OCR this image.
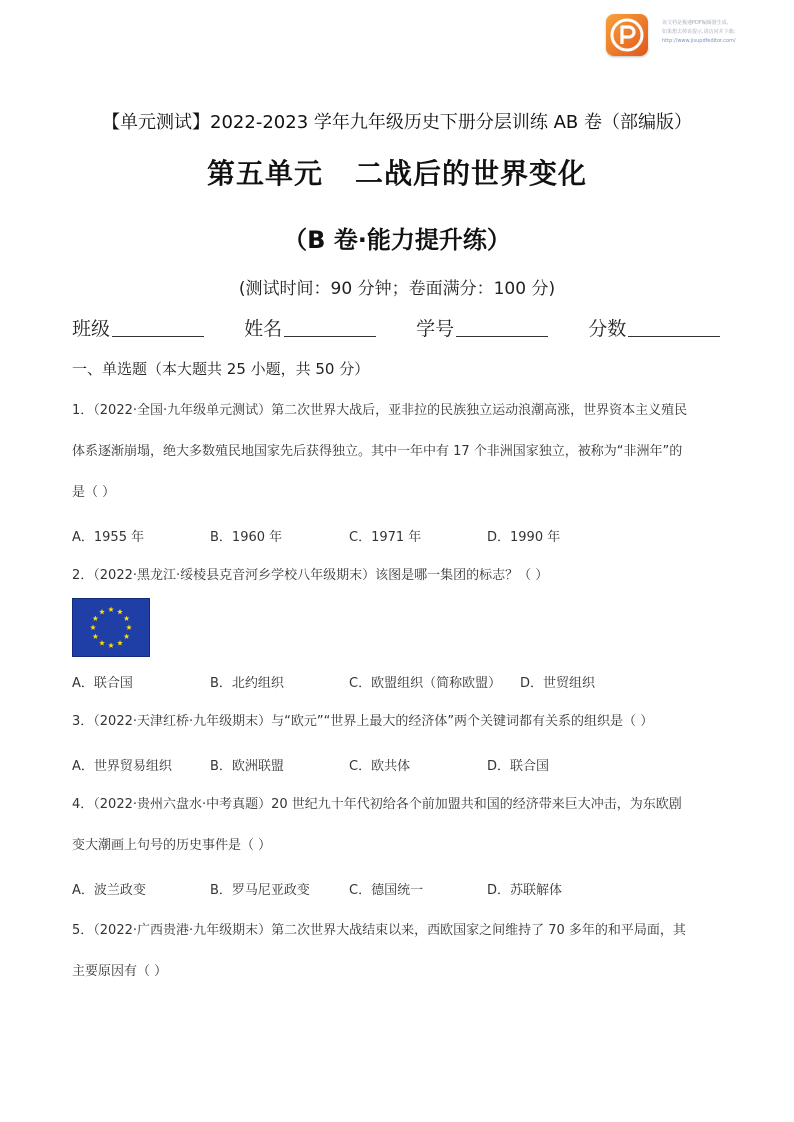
该文档是极速PDF编辑器生成,
如果想去掉该提示,请访问并下载:
http://www.jisupdfeditor.com/
【单元测试】2022-2023 学年九年级历史下册分层训练 AB 卷（部编版）
第五单元 二战后的世界变化
（B 卷·能力提升练）
(测试时间：90 分钟；卷面满分：100 分)
班级	姓名	学号	分数
一、单选题（本大题共 25 小题，共 50 分）
1．（2022·全国·九年级单元测试）第二次世界大战后，亚非拉的民族独立运动浪潮高涨，世界资本主义殖民
体系逐渐崩塌，绝大多数殖民地国家先后获得独立。其中一年中有 17 个非洲国家独立，被称为“非洲年”的
是（ ）
A．1955 年	B．1960 年	C．1971 年	D．1990 年
2．（2022·黑龙江·绥棱县克音河乡学校八年级期末）该图是哪一集团的标志？（ ）
A．联合国	B．北约组织	C．欧盟组织（简称欧盟） D．世贸组织
3．（2022·天津红桥·九年级期末）与“欧元”“世界上最大的经济体”两个关键词都有关系的组织是（ ）
A．世界贸易组织	B．欧洲联盟	C．欧共体	D．联合国
4．（2022·贵州六盘水·中考真题）20 世纪九十年代初给各个前加盟共和国的经济带来巨大冲击，为东欧剧
变大潮画上句号的历史事件是（ ）
A．波兰政变	B．罗马尼亚政变	C．德国统一	D．苏联解体
5．（2022·广西贵港·九年级期末）第二次世界大战结束以来，西欧国家之间维持了 70 多年的和平局面，其
主要原因有（ ）
